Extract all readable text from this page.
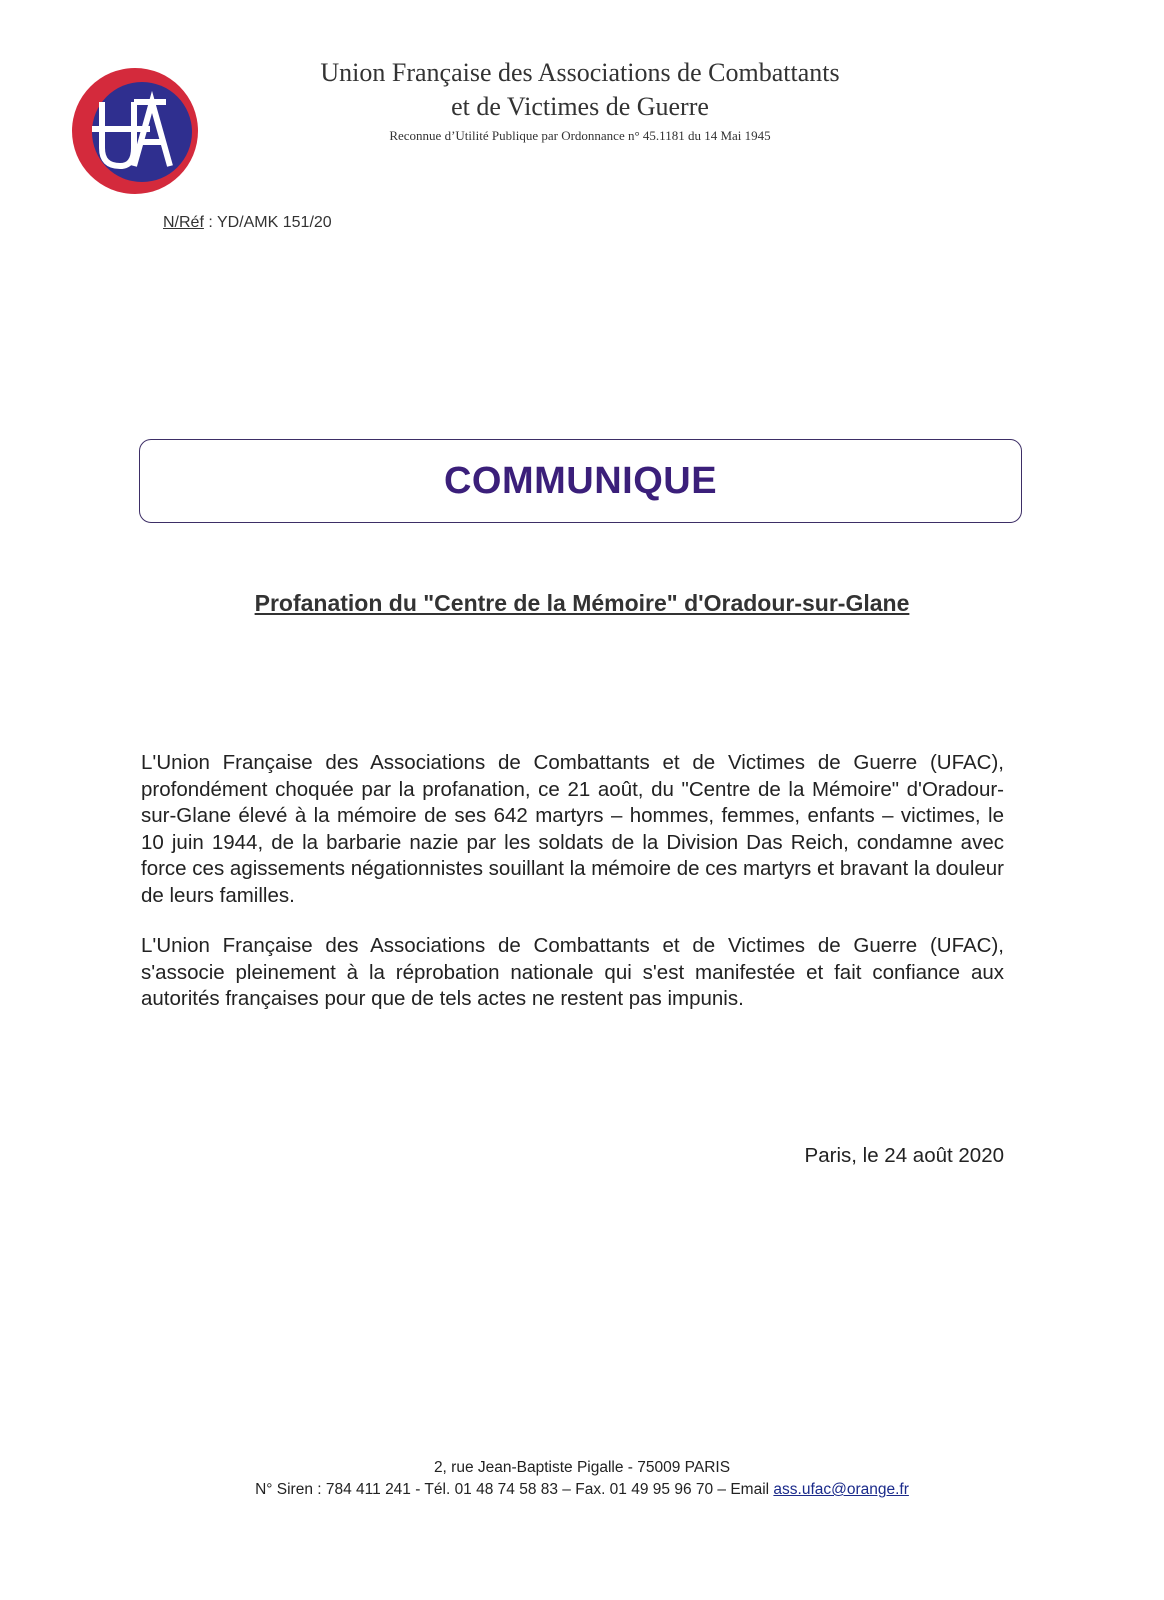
Union Française des Associations de Combattants
et de Victimes de Guerre
Reconnue d’Utilité Publique par Ordonnance n° 45.1181 du 14 Mai 1945
N/Réf : YD/AMK 151/20
COMMUNIQUE
Profanation du "Centre de la Mémoire" d'Oradour-sur-Glane

L'Union Française des Associations de Combattants et de Victimes de Guerre (UFAC), profondément choquée par la profanation, ce 21 août, du "Centre de la Mémoire" d'Oradour-sur-Glane élevé à la mémoire de ses 642 martyrs – hommes, femmes, enfants – victimes, le 10 juin 1944, de la barbarie nazie par les soldats de la Division Das Reich, condamne avec force ces agissements négationnistes souillant la mémoire de ces martyrs et bravant la douleur de leurs familles.

L'Union Française des Associations de Combattants et de Victimes de Guerre (UFAC), s'associe pleinement à la réprobation nationale qui s'est manifestée et fait confiance aux autorités françaises pour que de tels actes ne restent pas impunis.

Paris, le 24 août 2020
2, rue Jean-Baptiste Pigalle - 75009 PARIS
N° Siren : 784 411 241 - Tél. 01 48 74 58 83 – Fax. 01 49 95 96 70 – Email ass.ufac@orange.fr
